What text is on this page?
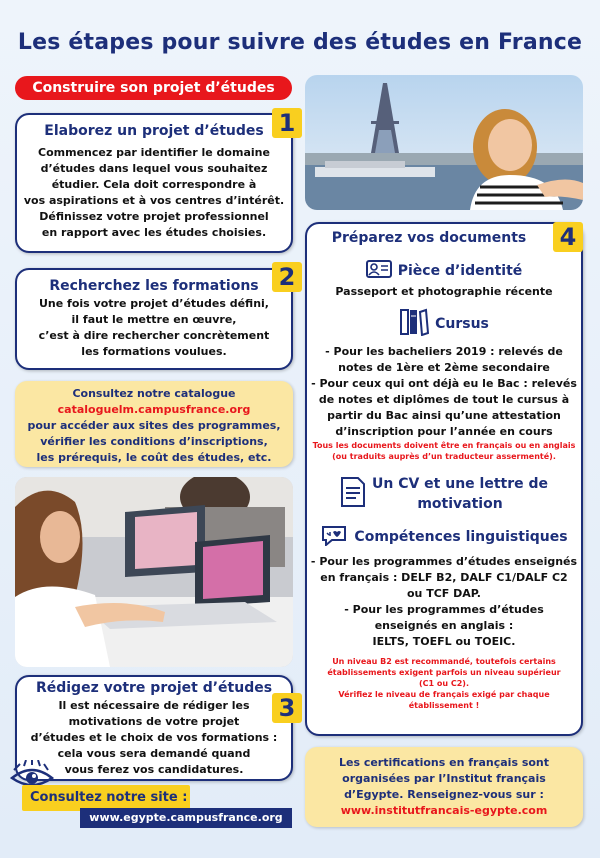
Les étapes pour suivre des études en France
Construire son projet d’études
Elaborez un projet d’études
Commencez par identifier le domaine
d’études dans lequel vous souhaitez
étudier. Cela doit correspondre à
vos aspirations et à vos centres d’intérêt.
Définissez votre projet professionnel
en rapport avec les études choisies.
1
Recherchez les formations
Une fois votre projet d’études défini,
il faut le mettre en œuvre,
c’est à dire rechercher concrètement
les formations voulues.
2
Consultez notre catalogue
cataloguelm.campusfrance.org
pour accéder aux sites des programmes,
vérifier les conditions d’inscriptions,
les prérequis, le coût des études, etc.
Rédigez votre projet d’études
Il est nécessaire de rédiger les
motivations de votre projet
d’études et le choix de vos formations :
cela vous sera demandé quand
vous ferez vos candidatures.
3
Consultez notre site :
www.egypte.campusfrance.org
Préparez vos documents
Pièce d’identité
Passeport et photographie récente
Cursus
- Pour les bacheliers 2019 : relevés de
notes de 1ère et 2ème secondaire
- Pour ceux qui ont déjà eu le Bac : relevés
de notes et diplômes de tout le cursus à
partir du Bac ainsi qu’une attestation
d’inscription pour l’année en cours
Tous les documents doivent être en français ou en anglais
(ou traduits auprès d’un traducteur assermenté).
Un CV et une lettre de
motivation
Compétences linguistiques
- Pour les programmes d’études enseignés
en français : DELF B2, DALF C1/DALF C2
ou TCF DAP.
- Pour les programmes d’études
enseignés en anglais :
IELTS, TOEFL ou TOEIC.
Un niveau B2 est recommandé, toutefois certains
établissements exigent parfois un niveau supérieur
(C1 ou C2).
Vérifiez le niveau de français exigé par chaque
établissement !
4
Les certifications en français sont
organisées par l’Institut français
d’Egypte. Renseignez-vous sur :
www.institutfrancais-egypte.com
